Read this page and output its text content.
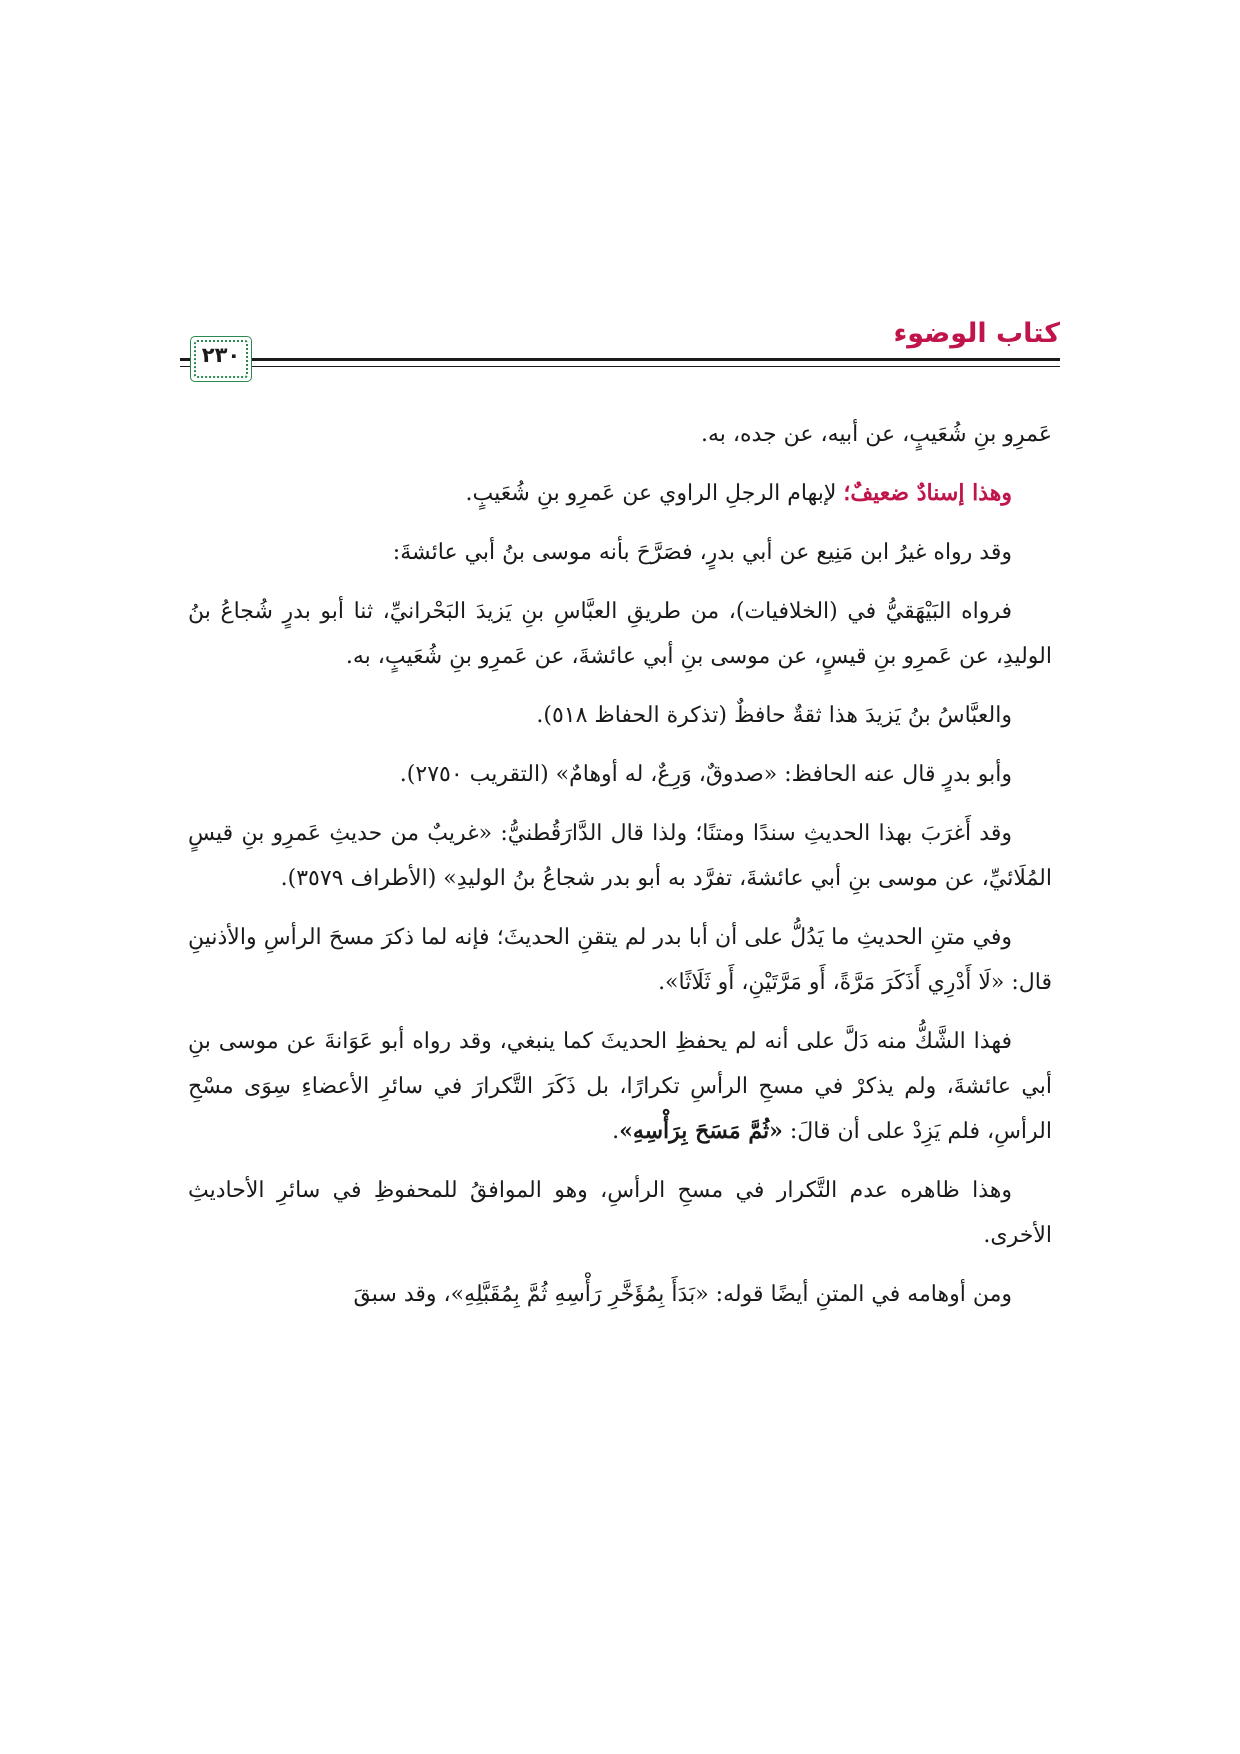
كتاب الوضوء
٢٣٠

عَمرِو بنِ شُعَيبٍ، عن أبيه، عن جده، به.

وهذا إسنادٌ ضعيفٌ؛ لإبهام الرجلِ الراوي عن عَمرِو بنِ شُعَيبٍ.

وقد رواه غيرُ ابن مَنِيع عن أبي بدرٍ، فصَرَّحَ بأنه موسى بنُ أبي عائشةَ:

فرواه البَيْهَقيُّ في (الخلافيات)، من طريقِ العبَّاسِ بنِ يَزيدَ البَحْرانيِّ، ثنا أبو بدرٍ شُجاعُ بنُ الوليدِ، عن عَمرِو بنِ قيسٍ، عن موسى بنِ أبي عائشةَ، عن عَمرِو بنِ شُعَيبٍ، به.

والعبَّاسُ بنُ يَزيدَ هذا ثقةٌ حافظٌ (تذكرة الحفاظ ٥١٨).

وأبو بدرٍ قال عنه الحافظ: «صدوقٌ، وَرِعٌ، له أوهامٌ» (التقريب ٢٧٥٠).

وقد أَغرَبَ بهذا الحديثِ سندًا ومتنًا؛ ولذا قال الدَّارَقُطنيُّ: «غريبٌ من حديثِ عَمرِو بنِ قيسٍ المُلَائيِّ، عن موسى بنِ أبي عائشةَ، تفرَّد به أبو بدر شجاعُ بنُ الوليدِ» (الأطراف ٣٥٧٩).

وفي متنِ الحديثِ ما يَدُلُّ على أن أبا بدر لم يتقنِ الحديثَ؛ فإنه لما ذكرَ مسحَ الرأسِ والأذنينِ قال: «لَا أَدْرِي أَذَكَرَ مَرَّةً، أَو مَرَّتَيْنِ، أَو ثَلَاثًا».

فهذا الشَّكُّ منه دَلَّ على أنه لم يحفظِ الحديثَ كما ينبغي، وقد رواه أبو عَوَانةَ عن موسى بنِ أبي عائشةَ، ولم يذكرْ في مسحِ الرأسِ تكرارًا، بل ذَكَرَ التَّكرارَ في سائرِ الأعضاءِ سِوَى مسْحِ الرأسِ، فلم يَزِدْ على أن قالَ: «ثُمَّ مَسَحَ بِرَأْسِهِ».

وهذا ظاهره عدم التَّكرار في مسحِ الرأسِ، وهو الموافقُ للمحفوظِ في سائرِ الأحاديثِ الأخرى.

ومن أوهامه في المتنِ أيضًا قوله: «بَدَأَ بِمُؤَخَّرِ رَأْسِهِ ثُمَّ بِمُقَبَّلِهِ»، وقد سبقَ
